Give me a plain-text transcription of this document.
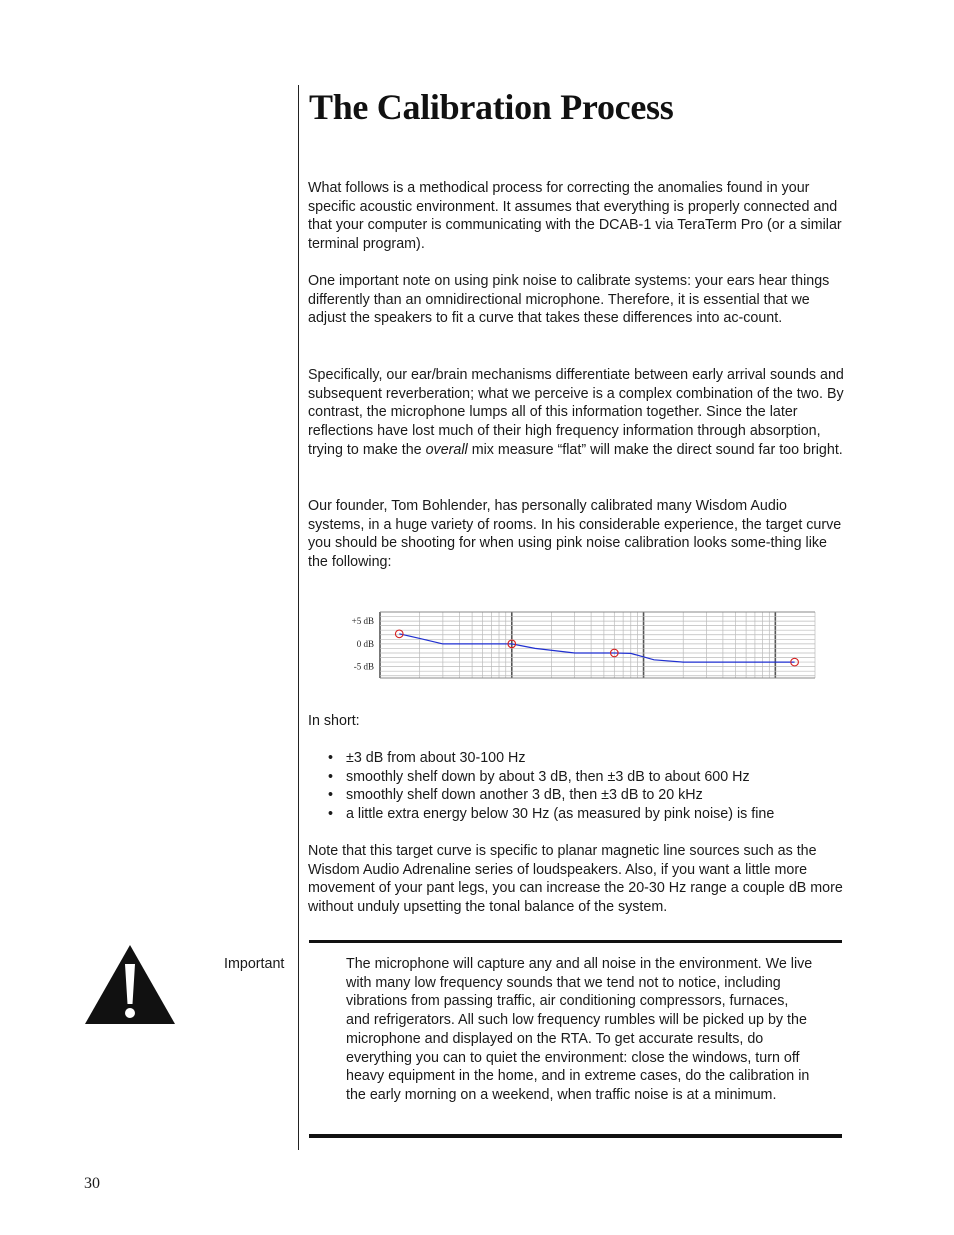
The Calibration Process

What follows is a methodical process for correcting the anomalies found in your specific acoustic environment. It assumes that everything is properly connected and that your computer is communicating with the DCAB-1 via TeraTerm Pro (or a similar terminal program).

One important note on using pink noise to calibrate systems: your ears hear things differently than an omnidirectional microphone. Therefore, it is essential that we adjust the speakers to fit a curve that takes these differences into ac-count.

Specifically, our ear/brain mechanisms differentiate between early arrival sounds and subsequent reverberation; what we perceive is a complex combination of the two. By contrast, the microphone lumps all of this information together. Since the later reflections have lost much of their high frequency information through absorption, trying to make the overall mix measure “flat” will make the direct sound far too bright.

Our founder, Tom Bohlender, has personally calibrated many Wisdom Audio systems, in a huge variety of rooms. In his considerable experience, the target curve you should be shooting for when using pink noise calibration looks some-thing like the following:

+5 dB
0 dB
-5 dB

In short:

• ±3 dB from about 30-100 Hz
• smoothly shelf down by about 3 dB, then ±3 dB to about 600 Hz
• smoothly shelf down another 3 dB, then ±3 dB to 20 kHz
• a little extra energy below 30 Hz (as measured by pink noise) is fine

Note that this target curve is specific to planar magnetic line sources such as the Wisdom Audio Adrenaline series of loudspeakers. Also, if you want a little more movement of your pant legs, you can increase the 20-30 Hz range a couple dB more without unduly upsetting the tonal balance of the system.

Important	The microphone will capture any and all noise in the environment. We live with many low frequency sounds that we tend not to notice, including vibrations from passing traffic, air conditioning compressors, furnaces, and refrigerators. All such low frequency rumbles will be picked up by the microphone and displayed on the RTA. To get accurate results, do everything you can to quiet the environment: close the windows, turn off heavy equipment in the home, and in extreme cases, do the calibration in the early morning on a weekend, when traffic noise is at a minimum.

30
